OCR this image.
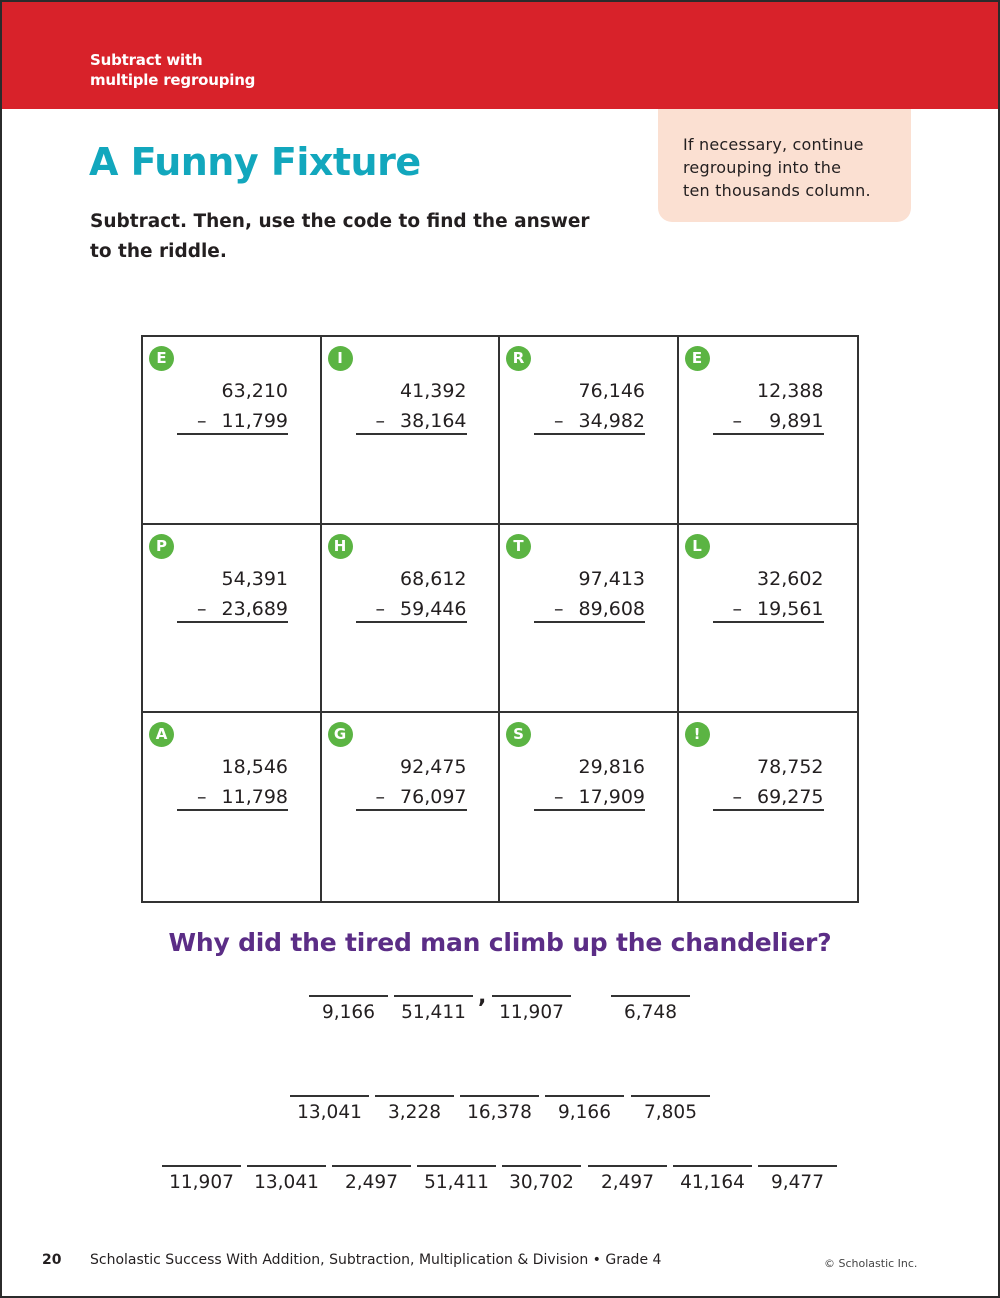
Subtract with
multiple regrouping
If necessary, continue
regrouping into the
ten thousands column.
A Funny Fixture

Subtract. Then, use the code to find the answer to the riddle.

E
63,210
– 11,799
I
41,392
– 38,164
R
76,146
– 34,982
E
12,388
– 9,891
P
54,391
– 23,689
H
68,612
– 59,446
T
97,413
– 89,608
L
32,602
– 19,561
A
18,546
– 11,798
G
92,475
– 76,097
S
29,816
– 17,909
!
78,752
– 69,275
Why did the tired man climb up the chandelier?
,
9,166	51,411	11,907	6,748
13,041	3,228	16,378	9,166	7,805
11,907	13,041	2,497	51,411	30,702	2,497	41,164	9,477
20 Scholastic Success With Addition, Subtraction, Multiplication & Division • Grade 4	© Scholastic Inc.
